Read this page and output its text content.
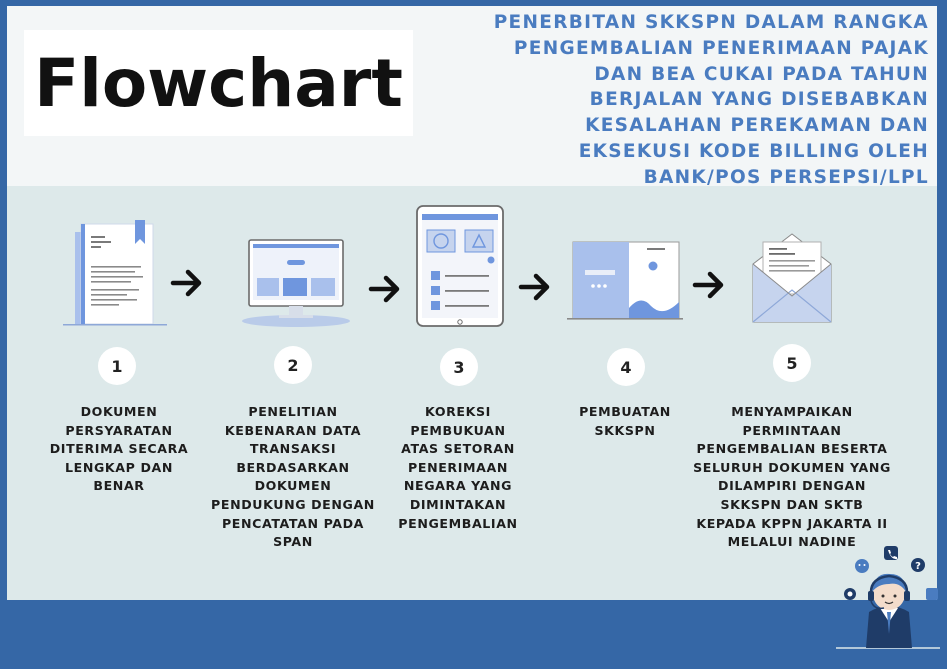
Flowchart
PENERBITAN SKKSPN DALAM RANGKA
PENGEMBALIAN PENERIMAAN PAJAK
DAN BEA CUKAI PADA TAHUN
BERJALAN YANG DISEBABKAN
KESALAHAN PEREKAMAN DAN
EKSEKUSI KODE BILLING OLEH
BANK/POS PERSEPSI/LPL
1	2	3	4	5
DOKUMEN
PERSYARATAN
DITERIMA SECARA
LENGKAP DAN
BENAR
PENELITIAN
KEBENARAN DATA
TRANSAKSI
BERDASARKAN
DOKUMEN
PENDUKUNG DENGAN
PENCATATAN PADA
SPAN
KOREKSI
PEMBUKUAN
ATAS SETORAN
PENERIMAAN
NEGARA YANG
DIMINTAKAN
PENGEMBALIAN
PEMBUATAN
SKKSPN
MENYAMPAIKAN
PERMINTAAN
PENGEMBALIAN BESERTA
SELURUH DOKUMEN YANG
DILAMPIRI DENGAN
SKKSPN DAN SKTB
KEPADA KPPN JAKARTA II
MELALUI NADINE
?
